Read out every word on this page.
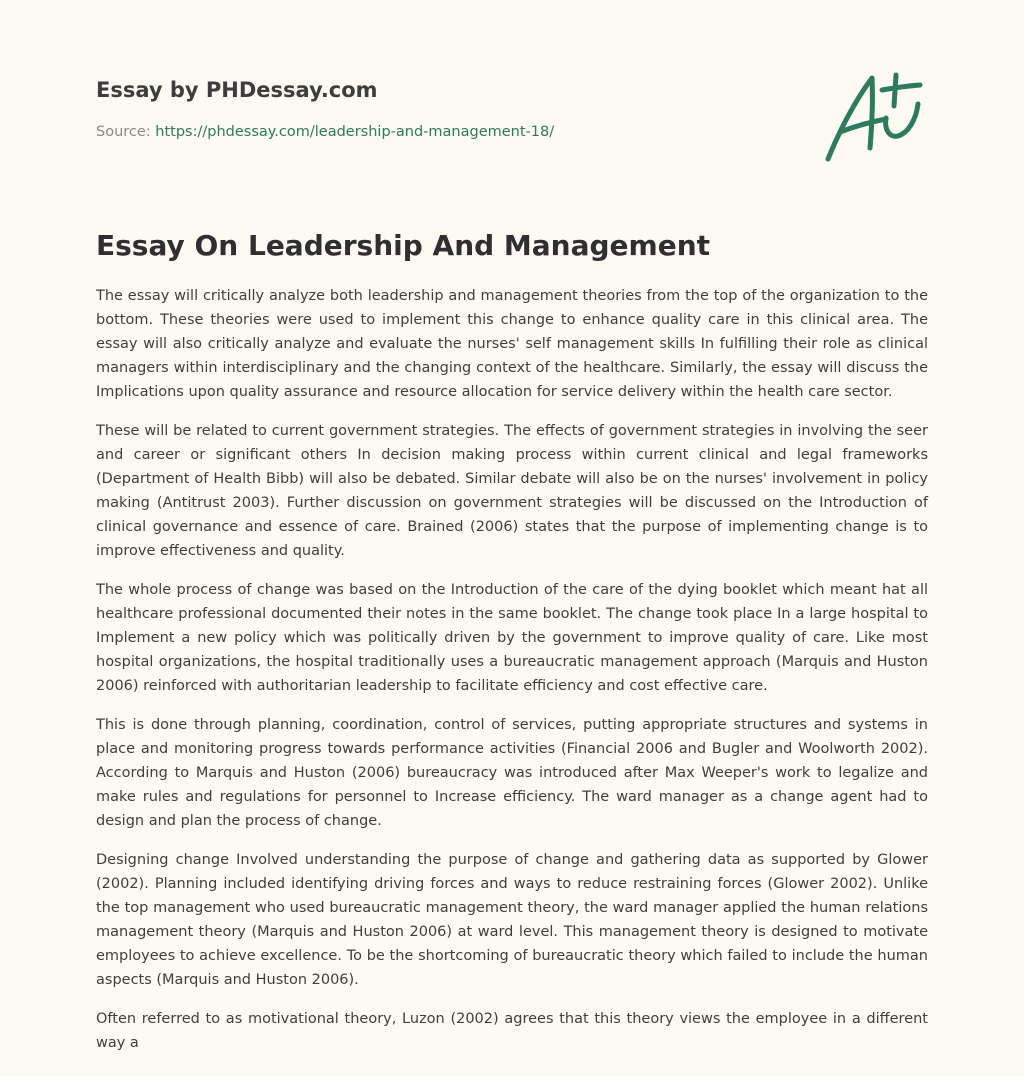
Essay by PHDessay.com
Source: https://phdessay.com/leadership-and-management-18/
Essay On Leadership And Management

The essay will critically analyze both leadership and management theories from the top of the organization to the bottom. These theories were used to implement this change to enhance quality care in this clinical area. The essay will also critically analyze and evaluate the nurses' self management skills In fulfilling their role as clinical managers within interdisciplinary and the changing context of the healthcare. Similarly, the essay will discuss the Implications upon quality assurance and resource allocation for service delivery within the health care sector.

These will be related to current government strategies. The effects of government strategies in involving the seer and career or significant others In decision making process within current clinical and legal frameworks (Department of Health Bibb) will also be debated. Similar debate will also be on the nurses' involvement in policy making (Antitrust 2003). Further discussion on government strategies will be discussed on the Introduction of clinical governance and essence of care. Brained (2006) states that the purpose of implementing change is to improve effectiveness and quality.

The whole process of change was based on the Introduction of the care of the dying booklet which meant hat all healthcare professional documented their notes in the same booklet. The change took place In a large hospital to Implement a new policy which was politically driven by the government to improve quality of care. Like most hospital organizations, the hospital traditionally uses a bureaucratic management approach (Marquis and Huston 2006) reinforced with authoritarian leadership to facilitate efficiency and cost effective care.

This is done through planning, coordination, control of services, putting appropriate structures and systems in place and monitoring progress towards performance activities (Financial 2006 and Bugler and Woolworth 2002). According to Marquis and Huston (2006) bureaucracy was introduced after Max Weeper's work to legalize and make rules and regulations for personnel to Increase efficiency. The ward manager as a change agent had to design and plan the process of change.

Designing change Involved understanding the purpose of change and gathering data as supported by Glower (2002). Planning included identifying driving forces and ways to reduce restraining forces (Glower 2002). Unlike the top management who used bureaucratic management theory, the ward manager applied the human relations management theory (Marquis and Huston 2006) at ward level. This management theory is designed to motivate employees to achieve excellence. To be the shortcoming of bureaucratic theory which failed to include the human aspects (Marquis and Huston 2006).

Often referred to as motivational theory, Luzon (2002) agrees that this theory views the employee in a different way a
